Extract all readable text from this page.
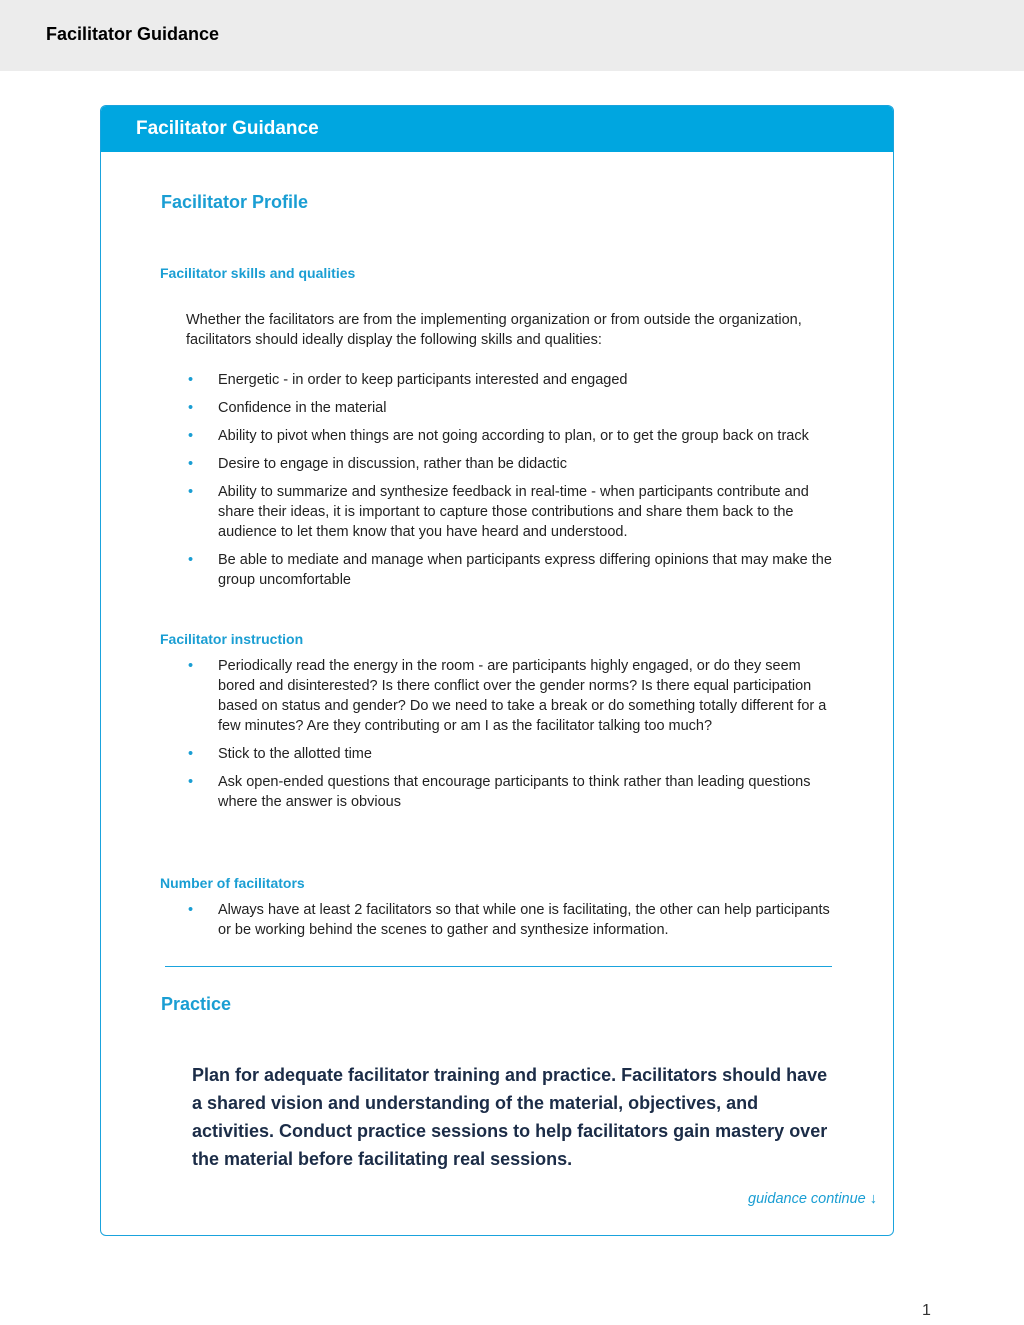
Facilitator Guidance
Facilitator Guidance
Facilitator Profile
Facilitator skills and qualities
Whether the facilitators are from the implementing organization or from outside the organization, facilitators should ideally display the following skills and qualities:
• Energetic - in order to keep participants interested and engaged
• Confidence in the material
• Ability to pivot when things are not going according to plan, or to get the group back on track
• Desire to engage in discussion, rather than be didactic
• Ability to summarize and synthesize feedback in real-time - when participants contribute and share their ideas, it is important to capture those contributions and share them back to the audience to let them know that you have heard and understood.
• Be able to mediate and manage when participants express differing opinions that may make the group uncomfortable
Facilitator instruction
• Periodically read the energy in the room - are participants highly engaged, or do they seem bored and disinterested? Is there conflict over the gender norms? Is there equal participation based on status and gender? Do we need to take a break or do something totally different for a few minutes? Are they contributing or am I as the facilitator talking too much?
• Stick to the allotted time
• Ask open-ended questions that encourage participants to think rather than leading questions where the answer is obvious
Number of facilitators
• Always have at least 2 facilitators so that while one is facilitating, the other can help participants or be working behind the scenes to gather and synthesize information.
Practice
Plan for adequate facilitator training and practice. Facilitators should have a shared vision and understanding of the material, objectives, and activities. Conduct practice sessions to help facilitators gain mastery over the material before facilitating real sessions.
guidance continue ↓
1
